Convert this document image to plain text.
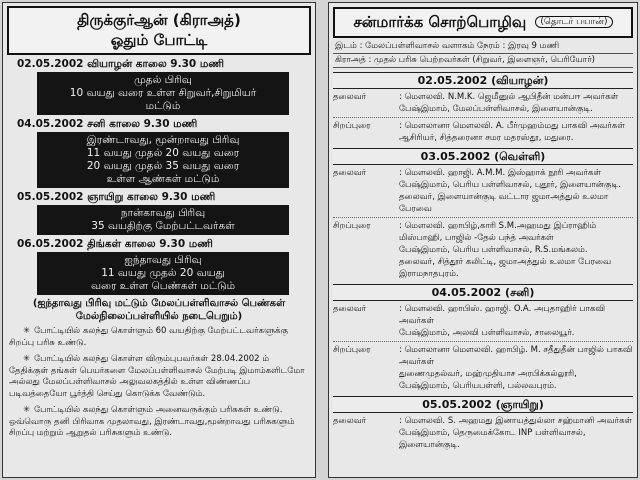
திருக்குர்ஆன் (கிராஅத்)
ஓதும் போட்டி
02.05.2002 வியாழன் காலை 9.30 மணி
முதல் பிரிவு
10 வயது வரை உள்ள சிறுவர்,சிறுமியர்
மட்டும்
04.05.2002 சனி காலை 9.30 மணி
இரண்டாவது, மூன்றாவது பிரிவு
11 வயது முதல் 20 வயது வரை
20 வயது முதல் 35 வயது வரை
உள்ள ஆண்கள் மட்டும்
05.05.2002 ஞாயிறு காலை 9.30 மணி
நான்காவது பிரிவு
35 வயதிற்கு மேற்பட்டவர்கள்
06.05.2002 திங்கள் காலை 9.30 மணி
ஐந்தாவது பிரிவு
11 வயது முதல் 20 வயது
வரை உள்ள பெண்கள் மட்டும்
(ஐந்தாவது பிரிவு மட்டும் மேலப்பள்ளிவாசல் பெண்கள்
மேல்நிலைப்பள்ளியில் நடைபெறும்)
✳ போட்டியில் கலந்து கொள்ளும் 60 வயதிற்கு மேற்பட்டவர்களுக்கு சிறப்பு பரிசு உண்டு.
✳ போட்டியில் கலந்து கொள்ள விரும்புபவர்கள் 28.04.2002 ம் தேதிக்குள் தங்கள் பெயர்களை மேலப்பள்ளிவாசல் மேற்படி இமாம்களிடமோ அல்லது மேலப்பள்ளிவாசல் அலுவலகத்தில் உள்ள விண்ணப்ப படிவத்தையோ பூர்த்தி செய்து கொடுக்க வேண்டும்.
✳ போட்டியில் கலந்து கொள்ளும் அனைவருக்கும் பரிசுகள் உண்டு. ஒவ்வொரு தனி பிரிவாக முதலாவது, இரண்டாவது,மூன்றாவது பரிசுகளும் சிறப்பு மற்றும் ஆறுதல் பரிசுகளும் உண்டு.
சன்மார்க்க சொற்பொழிவு (தொடர் பயான்)
இடம் : மேலப்பள்ளிவாசல் வளாகம் நேரம் : இரவு 9 மணி
கிராஅத் : முதல் பரிசு பெற்றவர்கள் (சிறுவர், இளைஞர், பெரியோர்)
02.05.2002 (வியாழன்)
தலைவர்	: மௌலவி. N.M.K. ஜெமீனுல் ஆபிதீன் மன்பஈ அவர்கள்
பேஷ்இமாம், மேலப்பள்ளிவாசல், இளையான்குடி.
சிறப்புரை	: மௌலானா மௌலவி. A. பீர்முஹம்மது பாகவி அவர்கள்
ஆசிரியர், சித்தரைனா சமர மதரஸ்தூ, மதுரை.
03.05.2002 (வெள்ளி)
தலைவர்	: மௌலவி. ஹாஜி. A.M.M. இஸ்ஹாக் நூரி அவர்கள்
பேஷ்இமாம், பெரிய பள்ளிவாசல், புதூர், இளையான்குடி.
தலைவர், இளையான்குடி வட்டார ஜமாஅத்துல் உலமா பேரவை
சிறப்புரை	: மௌலவி. ஹாபிழ்,காரி S.M.அஹமது இப்ராஹிம்
மிஸ்பாஹி, பாஜில் -தேல் பந்த் அவர்கள்
பேஷ்இமாம், பெரிய பள்ளிவாசல், R.S.மங்கலம்.
தலைவர், சித்தூர் கலிட்டி, ஜமாஅத்துல் உலமா பேரவை இராமநாதபுரம்.
04.05.2002 (சனி)
தலைவர்	: மௌலவி. ஹாபிஸ். ஹாஜி. O.A. அபுதாஹிர் பாகவி அவர்கள்
பேஷ்இமாம், அலவி பள்ளிவாசல், சாலையூர்.
சிறப்புரை	: மௌலானா மௌலவி. ஹாபிழ். M. சதீதுதீன் பாஜில் பாகவி அவர்கள்
துணைமுதல்வர், மஹ்முதியாச அரபிக்கல்லூரி,
பேஷ்இமாம், பெரியபள்ளி, பல்லவபுரம்.
05.05.2002 (ஞாயிறு)
தலைவர்	: மௌலவி. S. அஹமது இனாயத்துல்லா சஹ்மானி அவர்கள்
பேஷ்இமாம், தெருமைக்கோட INP பள்ளிவாசல்,
இளையான்குடி.
